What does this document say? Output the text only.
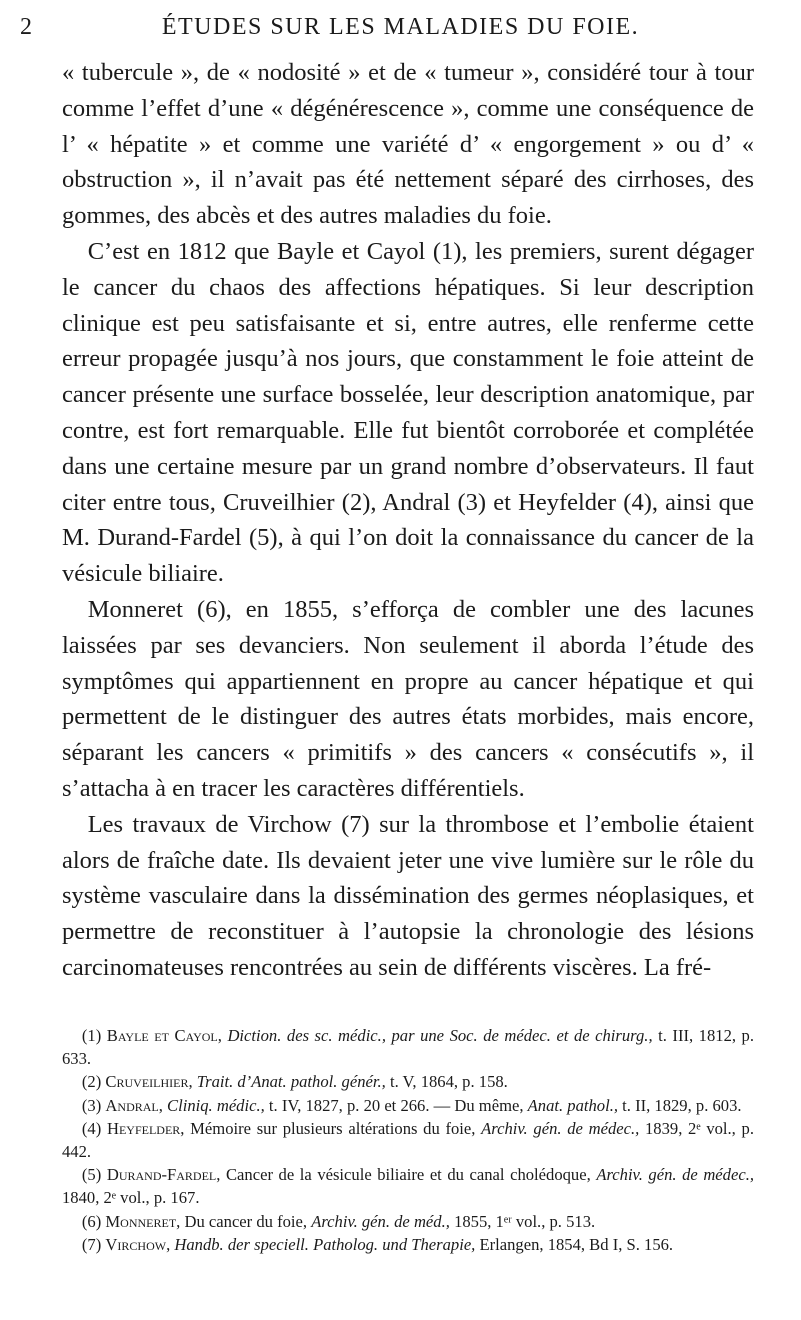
2	ÉTUDES SUR LES MALADIES DU FOIE.

« tubercule », de « nodosité » et de « tumeur », considéré tour à tour comme l’effet d’une « dégénérescence », comme une conséquence de l’ « hépatite » et comme une variété d’ « engorgement » ou d’ « obstruction », il n’avait pas été nettement séparé des cirrhoses, des gommes, des abcès et des autres maladies du foie.

C’est en 1812 que Bayle et Cayol (1), les premiers, surent dégager le cancer du chaos des affections hépatiques. Si leur description clinique est peu satisfaisante et si, entre autres, elle renferme cette erreur propagée jusqu’à nos jours, que constamment le foie atteint de cancer présente une surface bosselée, leur description anatomique, par contre, est fort remarquable. Elle fut bientôt corroborée et complétée dans une certaine mesure par un grand nombre d’observateurs. Il faut citer entre tous, Cruveilhier (2), Andral (3) et Heyfelder (4), ainsi que M. Durand-Fardel (5), à qui l’on doit la connaissance du cancer de la vésicule biliaire.

Monneret (6), en 1855, s’efforça de combler une des lacunes laissées par ses devanciers. Non seulement il aborda l’étude des symptômes qui appartiennent en propre au cancer hépatique et qui permettent de le distinguer des autres états morbides, mais encore, séparant les cancers « primitifs » des cancers « consécutifs », il s’attacha à en tracer les caractères différentiels.

Les travaux de Virchow (7) sur la thrombose et l’embolie étaient alors de fraîche date. Ils devaient jeter une vive lumière sur le rôle du système vasculaire dans la dissémination des germes néoplasiques, et permettre de reconstituer à l’autopsie la chronologie des lésions carcinomateuses rencontrées au sein de différents viscères. La fré-

(1) Bayle et Cayol, Diction. des sc. médic., par une Soc. de médec. et de chirurg., t. III, 1812, p. 633.

(2) Cruveilhier, Trait. d’Anat. pathol. génér., t. V, 1864, p. 158.

(3) Andral, Cliniq. médic., t. IV, 1827, p. 20 et 266. — Du même, Anat. pathol., t. II, 1829, p. 603.

(4) Heyfelder, Mémoire sur plusieurs altérations du foie, Archiv. gén. de médec., 1839, 2ᵉ vol., p. 442.

(5) Durand-Fardel, Cancer de la vésicule biliaire et du canal cholédoque, Archiv. gén. de médec., 1840, 2ᵉ vol., p. 167.

(6) Monneret, Du cancer du foie, Archiv. gén. de méd., 1855, 1ᵉʳ vol., p. 513.

(7) Virchow, Handb. der speciell. Patholog. und Therapie, Erlangen, 1854, Bd I, S. 156.
